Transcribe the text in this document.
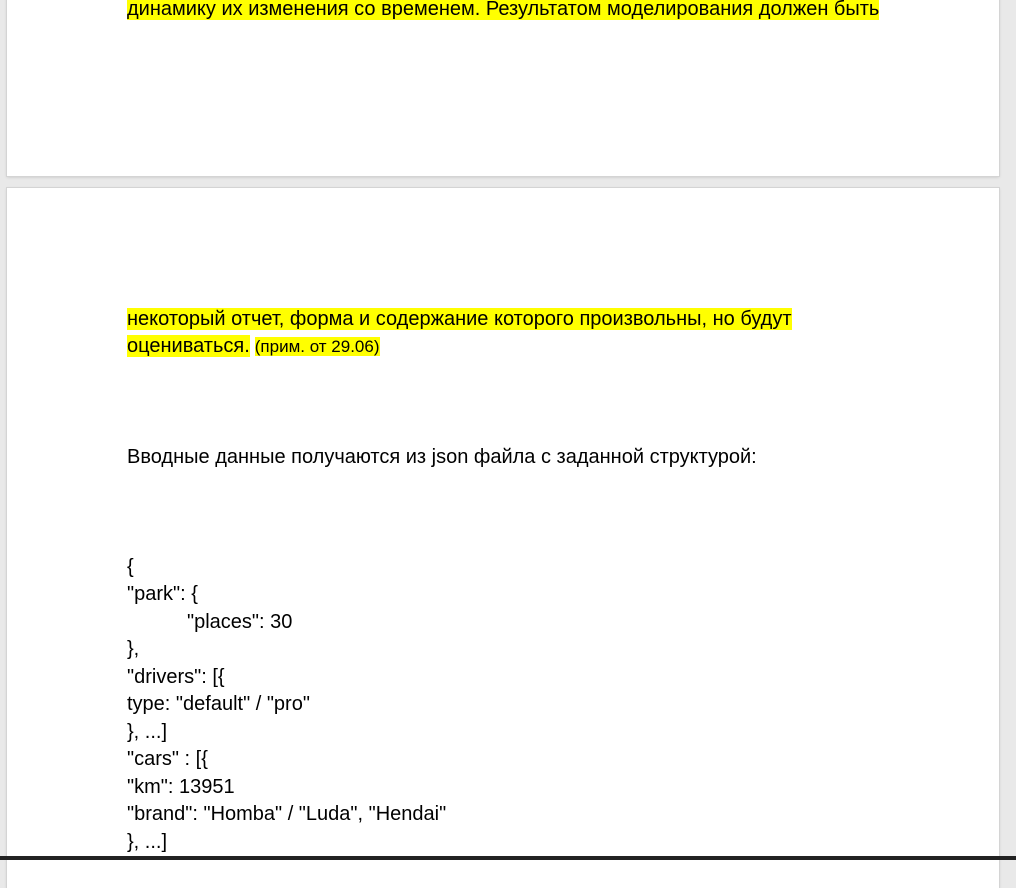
динамику их изменения со временем. Результатом моделирования должен быть
некоторый отчет, форма и содержание которого произвольны, но будут
оцениваться. (прим. от 29.06)
Вводные данные получаются из json файла с заданной структурой:
{
"park": {
"places": 30
},
"drivers": [{
type: "default" / "pro"
}, ...]
"cars" : [{
"km": 13951
"brand": "Homba" / "Luda", "Hendai"
}, ...]
